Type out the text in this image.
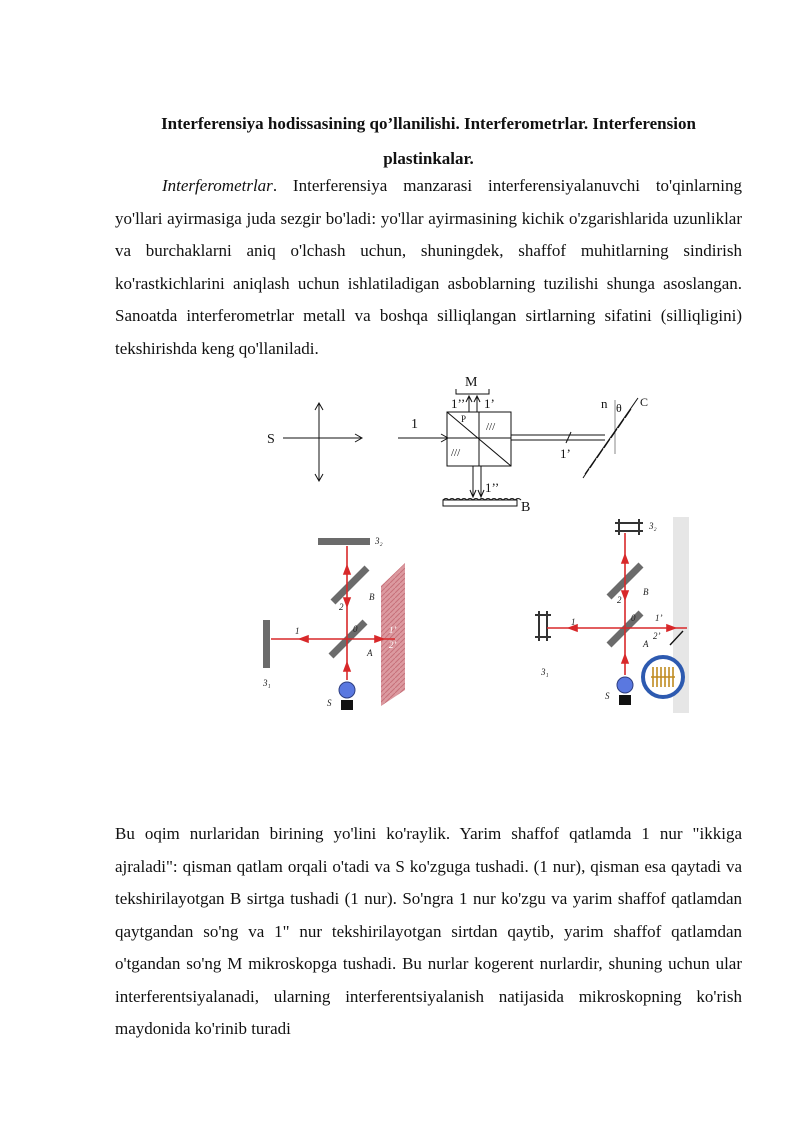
Interferensiya hodissasining qo’llanilishi. Interferometrlar. Interferension plastinkalar.
Interferometrlar. Interferensiya manzarasi interferensiyalanuvchi to'qinlarning yo'llari ayirmasiga juda sezgir bo'ladi: yo'llar ayirmasining kichik o'zgarishlarida uzunliklar va burchaklarni aniq o'lchash uchun, shuningdek, shaffof muhitlarning sindirish ko'rastkichlarini aniqlash uchun ishlatiladigan asboblarning tuzilishi shunga asoslangan. Sanoatda interferometrlar metall va boshqa silliqlangan sirtlarning sifatini (silliqligini) tekshirishda keng qo'llaniladi.
S
M
1
1’’ 1’
P
///
///
n θ C
1’
1’’
B
3₂
3₁
B
2
0
1
A
1’
2’
S
3₂
3₁
B
2
0
1
A
1’
2’
S
Bu oqim nurlaridan birining yo'lini ko'raylik. Yarim shaffof qatlamda 1 nur "ikkiga ajraladi": qisman qatlam orqali o'tadi va S ko'zguga tushadi. (1 nur), qisman esa qaytadi va tekshirilayotgan B sirtga tushadi (1 nur). So'ngra 1 nur ko'zgu va yarim shaffof qatlamdan qaytgandan so'ng va 1" nur tekshirilayotgan sirtdan qaytib, yarim shaffof qatlamdan o'tgandan so'ng M mikroskopga tushadi. Bu nurlar kogerent nurlardir, shuning uchun ular interferentsiyalanadi, ularning interferentsiyalanish natijasida mikroskopning ko'rish maydonida ko'rinib turadi
